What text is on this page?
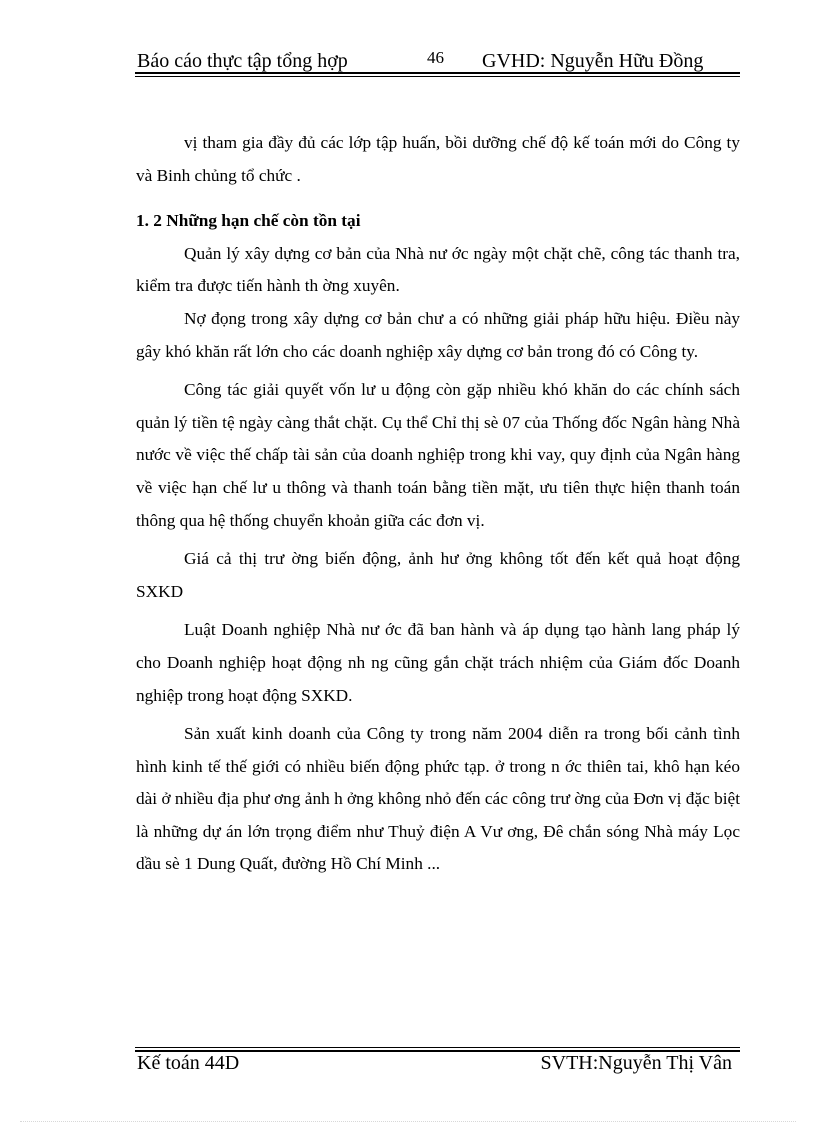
Báo cáo thực tập tổng hợp	46 GVHD: Nguyễn Hữu Đồng

vị tham gia đầy đủ các lớp tập huấn, bồi dưỡng chế độ kế toán mới do Công ty và Binh chủng tổ chức .

1. 2 Những hạn chế còn tồn tại

Quản lý xây dựng cơ bản của Nhà nư ớc ngày một chặt chẽ, công tác thanh tra, kiểm tra được tiến hành th ờng xuyên.

Nợ đọng trong xây dựng cơ bản chư a có những giải pháp hữu hiệu. Điều này gây khó khăn rất lớn cho các doanh nghiệp xây dựng cơ bản trong đó có Công ty.

Công tác giải quyết vốn lư u động còn gặp nhiều khó khăn do các chính sách quản lý tiền tệ ngày càng thắt chặt. Cụ thể Chỉ thị sè 07 của Thống đốc Ngân hàng Nhà nước về việc thế chấp tài sản của doanh nghiệp trong khi vay, quy định của Ngân hàng về việc hạn chế lư u thông và thanh toán bằng tiền mặt, ưu tiên thực hiện thanh toán thông qua hệ thống chuyển khoản giữa các đơn vị.

Giá cả thị trư ờng biến động, ảnh hư ởng không tốt đến kết quả hoạt động SXKD

Luật Doanh nghiệp Nhà nư ớc đã ban hành và áp dụng tạo hành lang pháp lý cho Doanh nghiệp hoạt động nh ng cũng gắn chặt trách nhiệm của Giám đốc Doanh nghiệp trong hoạt động SXKD.

Sản xuất kinh doanh của Công ty trong năm 2004 diễn ra trong bối cảnh tình hình kinh tế thế giới có nhiều biến động phức tạp. ở trong n ớc thiên tai, khô hạn kéo dài ở nhiều địa phư ơng ảnh h ởng không nhỏ đến các công trư ờng của Đơn vị đặc biệt là những dự án lớn trọng điểm như Thuỷ điện A Vư ơng, Đê chắn sóng Nhà máy Lọc dầu sè 1 Dung Quất, đường Hồ Chí Minh ...

Kế toán 44D	SVTH:Nguyễn Thị Vân
